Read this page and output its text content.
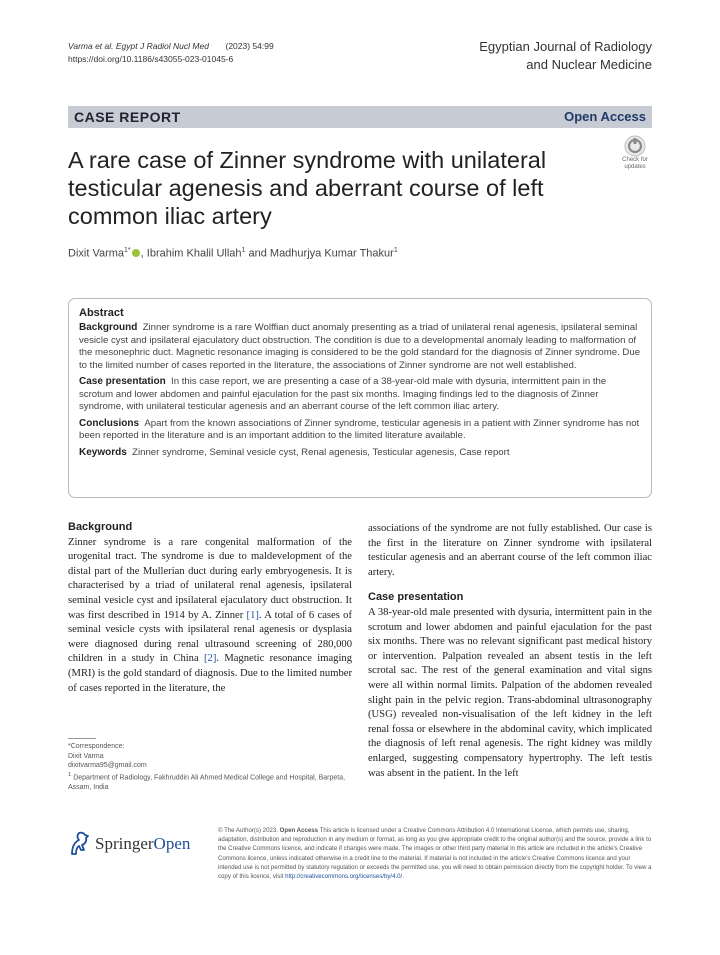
Varma et al. Egypt J Radiol Nucl Med (2023) 54:99
https://doi.org/10.1186/s43055-023-01045-6
Egyptian Journal of Radiology
and Nuclear Medicine
CASE REPORT	Open Access
Check for
updates
A rare case of Zinner syndrome with unilateral testicular agenesis and aberrant course of left common iliac artery
Dixit Varma$^{1*}$ , Ibrahim Khalil Ullah$^1$ and Madhurjya Kumar Thakur$^1$
Abstract

Background Zinner syndrome is a rare Wolffian duct anomaly presenting as a triad of unilateral renal agenesis, ipsilateral seminal vesicle cyst and ipsilateral ejaculatory duct obstruction. The condition is due to a developmental anomaly leading to malformation of the mesonephric duct. Magnetic resonance imaging is considered to be the gold standard for the diagnosis of Zinner syndrome. Due to the limited number of cases reported in the literature, the associations of Zinner syndrome are not well established.

Case presentation In this case report, we are presenting a case of a 38-year-old male with dysuria, intermittent pain in the scrotum and lower abdomen and painful ejaculation for the past six months. Imaging findings led to the diagnosis of Zinner syndrome, with unilateral testicular agenesis and an aberrant course of the left common iliac artery.

Conclusions Apart from the known associations of Zinner syndrome, testicular agenesis in a patient with Zinner syndrome has not been reported in the literature and is an important addition to the limited literature available.

Keywords Zinner syndrome, Seminal vesicle cyst, Renal agenesis, Testicular agenesis, Case report

Background

Zinner syndrome is a rare congenital malformation of the urogenital tract. The syndrome is due to maldevelopment of the distal part of the Mullerian duct during early embryogenesis. It is characterised by a triad of unilateral renal agenesis, ipsilateral seminal vesicle cyst and ipsilateral ejaculatory duct obstruction. It was first described in 1914 by A. Zinner [1]. A total of 6 cases of seminal vesicle cysts with ipsilateral renal agenesis or dysplasia were diagnosed during renal ultrasound screening of 280,000 children in a study in China [2]. Magnetic resonance imaging (MRI) is the gold standard of diagnosis. Due to the limited number of cases reported in the literature, the

associations of the syndrome are not fully established. Our case is the first in the literature on Zinner syndrome with ipsilateral testicular agenesis and an aberrant course of the left common iliac artery.

Case presentation

A 38-year-old male presented with dysuria, intermittent pain in the scrotum and lower abdomen and painful ejaculation for the past six months. There was no relevant significant past medical history or intervention. Palpation revealed an absent testis in the left scrotal sac. The rest of the general examination and vital signs were all within normal limits. Palpation of the abdomen revealed slight pain in the pelvic region. Trans-abdominal ultrasonography (USG) revealed non-visualisation of the left kidney in the left renal fossa or elsewhere in the abdominal cavity, which implicated the diagnosis of left renal agenesis. The right kidney was mildly enlarged, suggesting compensatory hypertrophy. The left testis was absent in the patient. In the left

*Correspondence:
Dixit Varma
dixitvarma95@gmail.com
$^1$ Department of Radiology, Fakhruddin Ali Ahmed Medical College and Hospital, Barpeta, Assam, India
SpringerOpen
© The Author(s) 2023. Open Access This article is licensed under a Creative Commons Attribution 4.0 International License, which permits use, sharing, adaptation, distribution and reproduction in any medium or format, as long as you give appropriate credit to the original author(s) and the source, provide a link to the Creative Commons licence, and indicate if changes were made. The images or other third party material in this article are included in the article's Creative Commons licence, unless indicated otherwise in a credit line to the material. If material is not included in the article's Creative Commons licence and your intended use is not permitted by statutory regulation or exceeds the permitted use, you will need to obtain permission directly from the copyright holder. To view a copy of this licence, visit http://creativecommons.org/licenses/by/4.0/.
